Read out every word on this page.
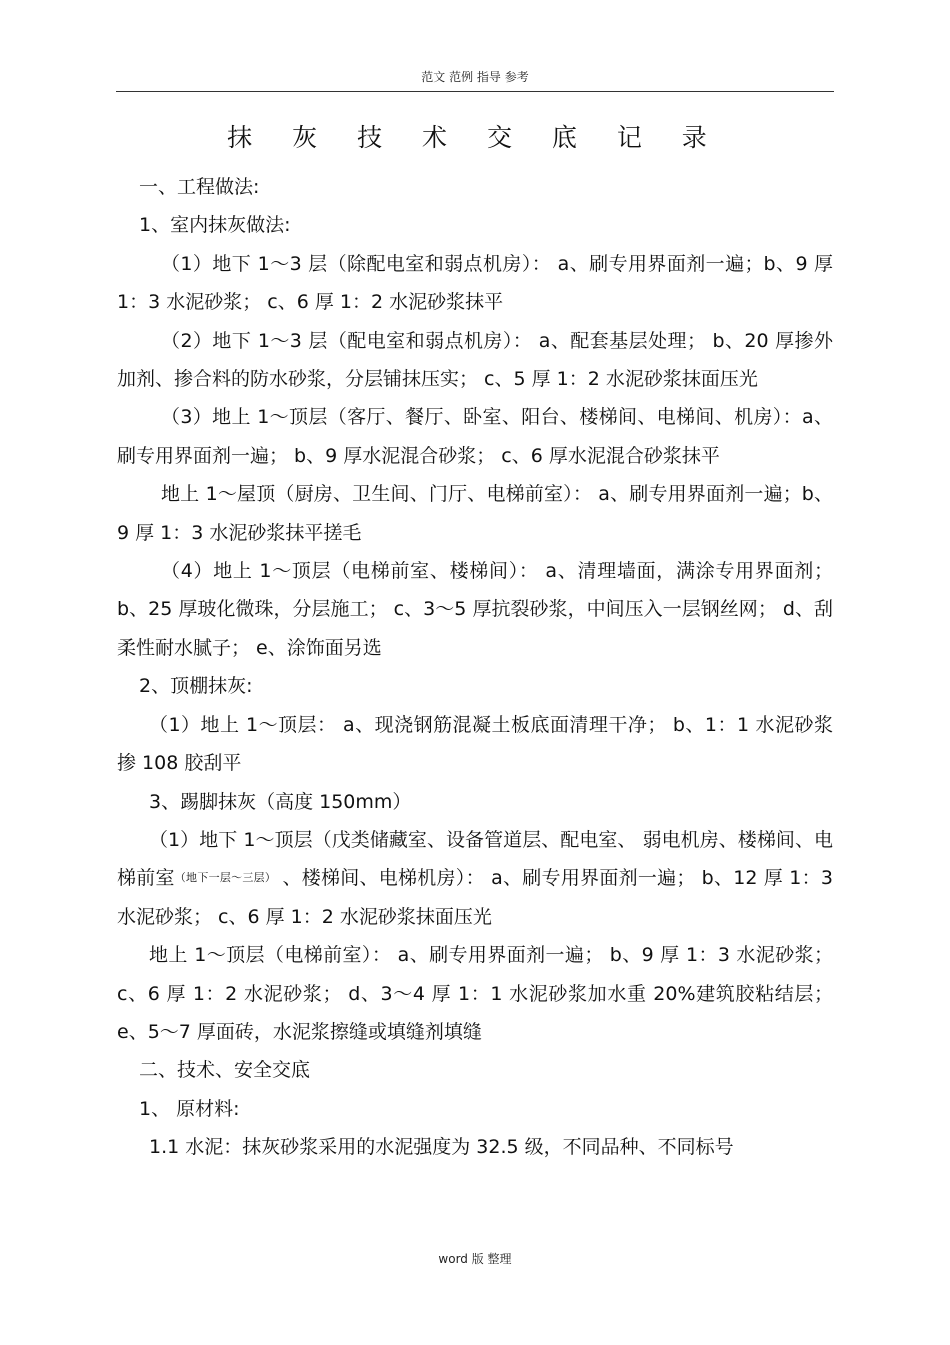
范文 范例 指导 参考
抹 灰 技 术 交 底 记 录

一、工程做法:

1、室内抹灰做法:

（1）地下 1～3 层（除配电室和弱点机房）： a、刷专用界面剂一遍；b、9 厚 1：3 水泥砂浆； c、6 厚 1：2 水泥砂浆抹平

（2）地下 1～3 层（配电室和弱点机房）： a、配套基层处理； b、20 厚掺外加剂、掺合料的防水砂浆，分层铺抹压实； c、5 厚 1：2 水泥砂浆抹面压光

（3）地上 1～顶层（客厅、餐厅、卧室、阳台、楼梯间、电梯间、机房）：a、刷专用界面剂一遍； b、9 厚水泥混合砂浆； c、6 厚水泥混合砂浆抹平

地上 1～屋顶（厨房、卫生间、门厅、电梯前室）： a、刷专用界面剂一遍；b、9 厚 1：3 水泥砂浆抹平搓毛

（4）地上 1～顶层（电梯前室、楼梯间）： a、清理墙面，满涂专用界面剂；b、25 厚玻化微珠，分层施工； c、3～5 厚抗裂砂浆，中间压入一层钢丝网； d、刮柔性耐水腻子； e、涂饰面另选

2、顶棚抹灰:

（1）地上 1～顶层： a、现浇钢筋混凝土板底面清理干净； b、1：1 水泥砂浆掺 108 胶刮平

3、踢脚抹灰（高度 150mm）

（1）地下 1～顶层（戊类储藏室、设备管道层、配电室、 弱电机房、楼梯间、电梯前室（地下一层～三层） 、楼梯间、电梯机房）： a、刷专用界面剂一遍； b、12 厚 1：3 水泥砂浆； c、6 厚 1：2 水泥砂浆抹面压光

地上 1～顶层（电梯前室）： a、刷专用界面剂一遍； b、9 厚 1：3 水泥砂浆； c、6 厚 1：2 水泥砂浆； d、3～4 厚 1：1 水泥砂浆加水重 20%建筑胶粘结层； e、5～7 厚面砖，水泥浆擦缝或填缝剂填缝

二、技术、安全交底

1、 原材料:

1.1 水泥：抹灰砂浆采用的水泥强度为 32.5 级，不同品种、不同标号

word 版 整理
